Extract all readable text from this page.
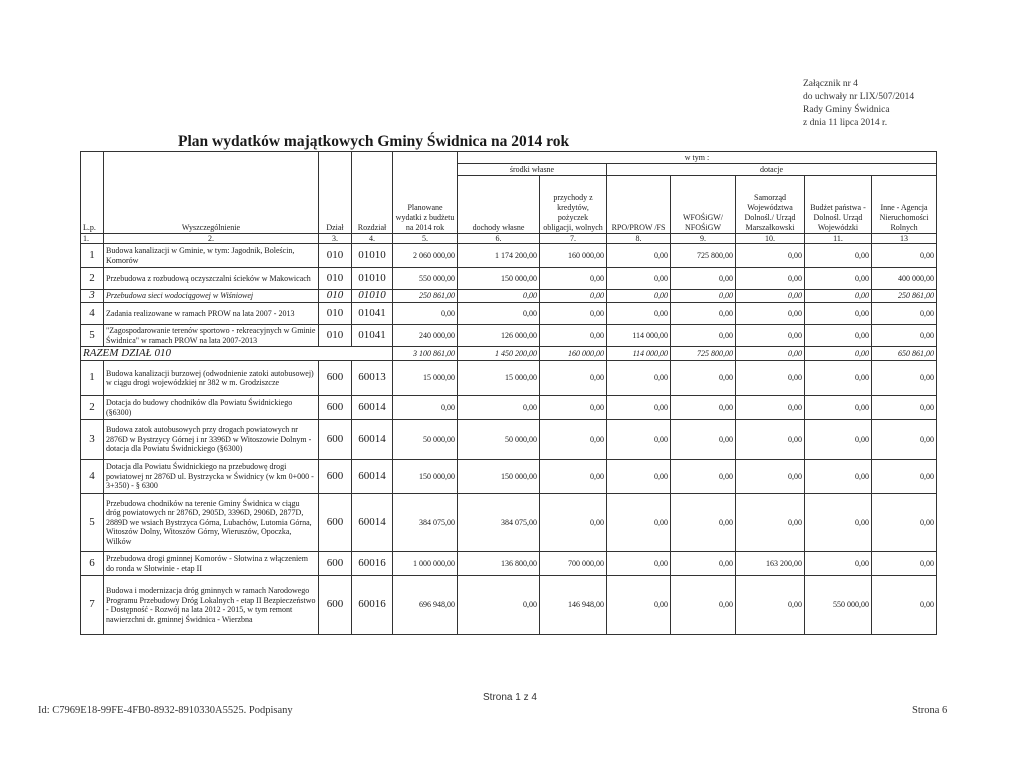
Załącznik nr 4
do uchwały nr LIX/507/2014
Rady Gminy Świdnica
z dnia 11 lipca 2014 r.
Plan wydatków majątkowych Gminy Świdnica na 2014 rok
L.p.	Wyszczególnienie	Dział	Rozdział	Planowane wydatki z budżetu na 2014 rok	w tym :						
					środki własne		dotacje				
					dochody własne	przychody z kredytów, pożyczek obligacji, wolnych	RPO/PROW /FS	WFOŚiGW/ NFOŚiGW	Samorząd Województwa Dolnośl./ Urząd Marszałkowski	Budżet państwa - Dolnośl. Urząd Wojewódzki	Inne - Agencja Nieruchomości Rolnych
1.	2.	3.	4.	5.	6.	7.	8.	9.	10.	11.	13
1	Budowa kanalizacji w Gminie, w tym: Jagodnik, Boleścin, Komorów	010	01010	2 060 000,00	1 174 200,00	160 000,00	0,00	725 800,00	0,00	0,00	0,00
2	Przebudowa z rozbudową oczyszczalni ścieków w Makowicach	010	01010	550 000,00	150 000,00	0,00	0,00	0,00	0,00	0,00	400 000,00
3	Przebudowa sieci wodociągowej w Wiśniowej	010	01010	250 861,00	0,00	0,00	0,00	0,00	0,00	0,00	250 861,00
4	Zadania realizowane w ramach PROW na lata 2007 - 2013	010	01041	0,00	0,00	0,00	0,00	0,00	0,00	0,00	0,00
5	"Zagospodarowanie terenów sportowo - rekreacyjnych w Gminie Świdnica" w ramach PROW na lata 2007-2013	010	01041	240 000,00	126 000,00	0,00	114 000,00	0,00	0,00	0,00	0,00
RAZEM DZIAŁ 010				3 100 861,00	1 450 200,00	160 000,00	114 000,00	725 800,00	0,00	0,00	650 861,00
1	Budowa kanalizacji burzowej (odwodnienie zatoki autobusowej) w ciągu drogi wojewódzkiej nr 382 w m. Grodziszcze	600	60013	15 000,00	15 000,00	0,00	0,00	0,00	0,00	0,00	0,00
2	Dotacja do budowy chodników dla Powiatu Świdnickiego (§6300)	600	60014	0,00	0,00	0,00	0,00	0,00	0,00	0,00	0,00
3	Budowa zatok autobusowych przy drogach powiatowych nr 2876D w Bystrzycy Górnej i nr 3396D w Witoszowie Dolnym - dotacja dla Powiatu Świdnickiego (§6300)	600	60014	50 000,00	50 000,00	0,00	0,00	0,00	0,00	0,00	0,00
4	Dotacja dla Powiatu Świdnickiego na przebudowę drogi powiatowej nr 2876D ul. Bystrzycka w Świdnicy (w km 0+000 - 3+350) - § 6300	600	60014	150 000,00	150 000,00	0,00	0,00	0,00	0,00	0,00	0,00
5	Przebudowa chodników na terenie Gminy Świdnica w ciągu dróg powiatowych nr 2876D, 2905D, 3396D, 2906D, 2877D, 2889D we wsiach Bystrzyca Górna, Lubachów, Lutomia Górna, Witoszów Dolny, Witoszów Górny, Wieruszów, Opoczka, Wilków	600	60014	384 075,00	384 075,00	0,00	0,00	0,00	0,00	0,00	0,00
6	Przebudowa drogi gminnej Komorów - Słotwina z włączeniem do ronda w Słotwinie - etap II	600	60016	1 000 000,00	136 800,00	700 000,00	0,00	0,00	163 200,00	0,00	0,00
7	Budowa i modernizacja dróg gminnych w ramach Narodowego Programu Przebudowy Dróg Lokalnych - etap II Bezpieczeństwo - Dostępność - Rozwój na lata 2012 - 2015, w tym remont nawierzchni dr. gminnej Świdnica - Wierzbna	600	60016	696 948,00	0,00	146 948,00	0,00	0,00	0,00	550 000,00	0,00
Strona 1 z 4
Id: C7969E18-99FE-4FB0-8932-8910330A5525. Podpisany	Strona 6
